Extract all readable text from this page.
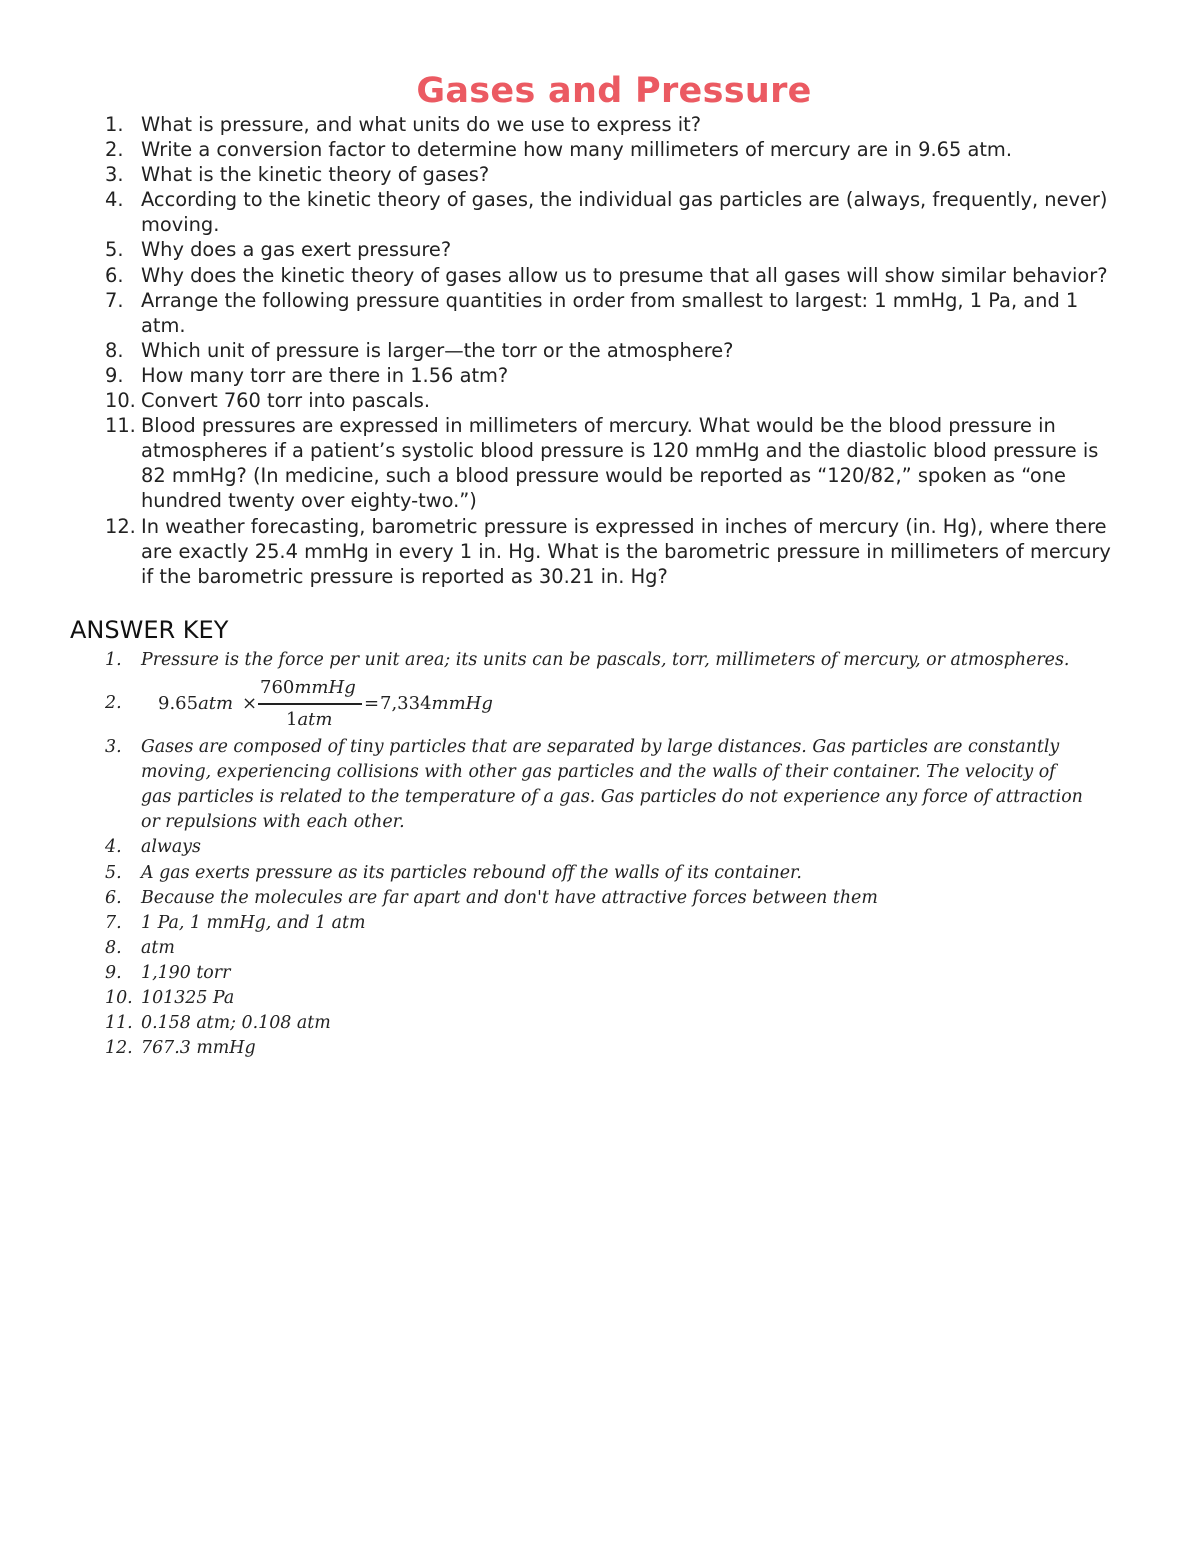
Gases and Pressure
1. What is pressure, and what units do we use to express it?
2. Write a conversion factor to determine how many millimeters of mercury are in 9.65 atm.
3. What is the kinetic theory of gases?
4. According to the kinetic theory of gases, the individual gas particles are (always, frequently, never) moving.
5. Why does a gas exert pressure?
6. Why does the kinetic theory of gases allow us to presume that all gases will show similar behavior?
7. Arrange the following pressure quantities in order from smallest to largest: 1 mmHg, 1 Pa, and 1 atm.
8. Which unit of pressure is larger—the torr or the atmosphere?
9. How many torr are there in 1.56 atm?
10. Convert 760 torr into pascals.
11. Blood pressures are expressed in millimeters of mercury. What would be the blood pressure in atmospheres if a patient’s systolic blood pressure is 120 mmHg and the diastolic blood pressure is 82 mmHg? (In medicine, such a blood pressure would be reported as “120/82,” spoken as “one hundred twenty over eighty-two.”)
12. In weather forecasting, barometric pressure is expressed in inches of mercury (in. Hg), where there are exactly 25.4 mmHg in every 1 in. Hg. What is the barometric pressure in millimeters of mercury if the barometric pressure is reported as 30.21 in. Hg?
ANSWER KEY
1. Pressure is the force per unit area; its units can be pascals, torr, millimeters of mercury, or atmospheres.
2. 9.65atm ×
760mmHg
1atm
= 7,334mmHg
3. Gases are composed of tiny particles that are separated by large distances. Gas particles are constantly moving, experiencing collisions with other gas particles and the walls of their container. The velocity of gas particles is related to the temperature of a gas. Gas particles do not experience any force of attraction or repulsions with each other.
4. always
5. A gas exerts pressure as its particles rebound off the walls of its container.
6. Because the molecules are far apart and don't have attractive forces between them
7. 1 Pa, 1 mmHg, and 1 atm
8. atm
9. 1,190 torr
10. 101325 Pa
11. 0.158 atm; 0.108 atm
12. 767.3 mmHg
